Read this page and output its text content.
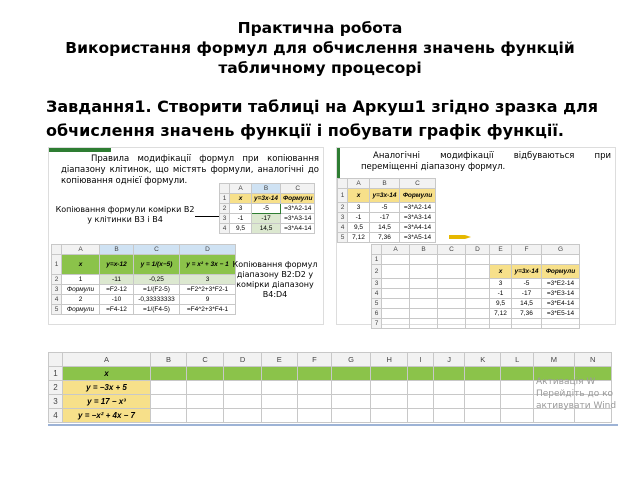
Практична робота
Використання формул для обчислення значень функцій
табличному процесорі
Завдання1. Створити таблиці на Аркуш1 згідно зразка для
обчислення значень функції і побувати графік функції.
Правила модифікації формул при копіювання діапазону клітинок, що містять формули, аналогічні до копіювання однієї формули.
Копіювання формули комірки B2 у клітинки B3 і B4
	A	B	C
1	x	y=3x-14	Формули
2	3	-5	=3*A2-14
3	-1	-17	=3*A3-14
4	9,5	14,5	=3*A4-14
	A	B	C	D
1	x	y=x-12	y = 1/(x−5)	y = x² + 3x − 1
2	1	-11	-0,25	3
3	Формули	=F2-12	=1/(F2-5)	=F2^2+3*F2-1
4	2	-10	-0,33333333	9
5	Формули	=F4-12	=1/(F4-5)	=F4^2+3*F4-1
Копіювання формул діапазону B2:D2 у комірки діапазону B4:D4
Аналогічні модифікації відбуваються при переміщенні діапазону формул.
	A	B	C
1	x	y=3x-14	Формули
2	3	-5	=3*A2-14
3	-1	-17	=3*A3-14
4	9,5	14,5	=3*A4-14
5	7,12	7,36	=3*A5-14
	A	B	C	D	E	F	G
1							
2					x	y=3x-14	Формули
3					3	-5	=3*E2-14
4					-1	-17	=3*E3-14
5					9,5	14,5	=3*E4-14
6					7,12	7,36	=3*E5-14
7							
	A	B	C	D	E	F	G	H	I	J	K	L	M	N
1	x													
2	y = −3x + 5													
3	y = 17 − x³													
4	y = −x² + 4x − 7													
Активація W
Перейдіть до ко
активувати Wind
